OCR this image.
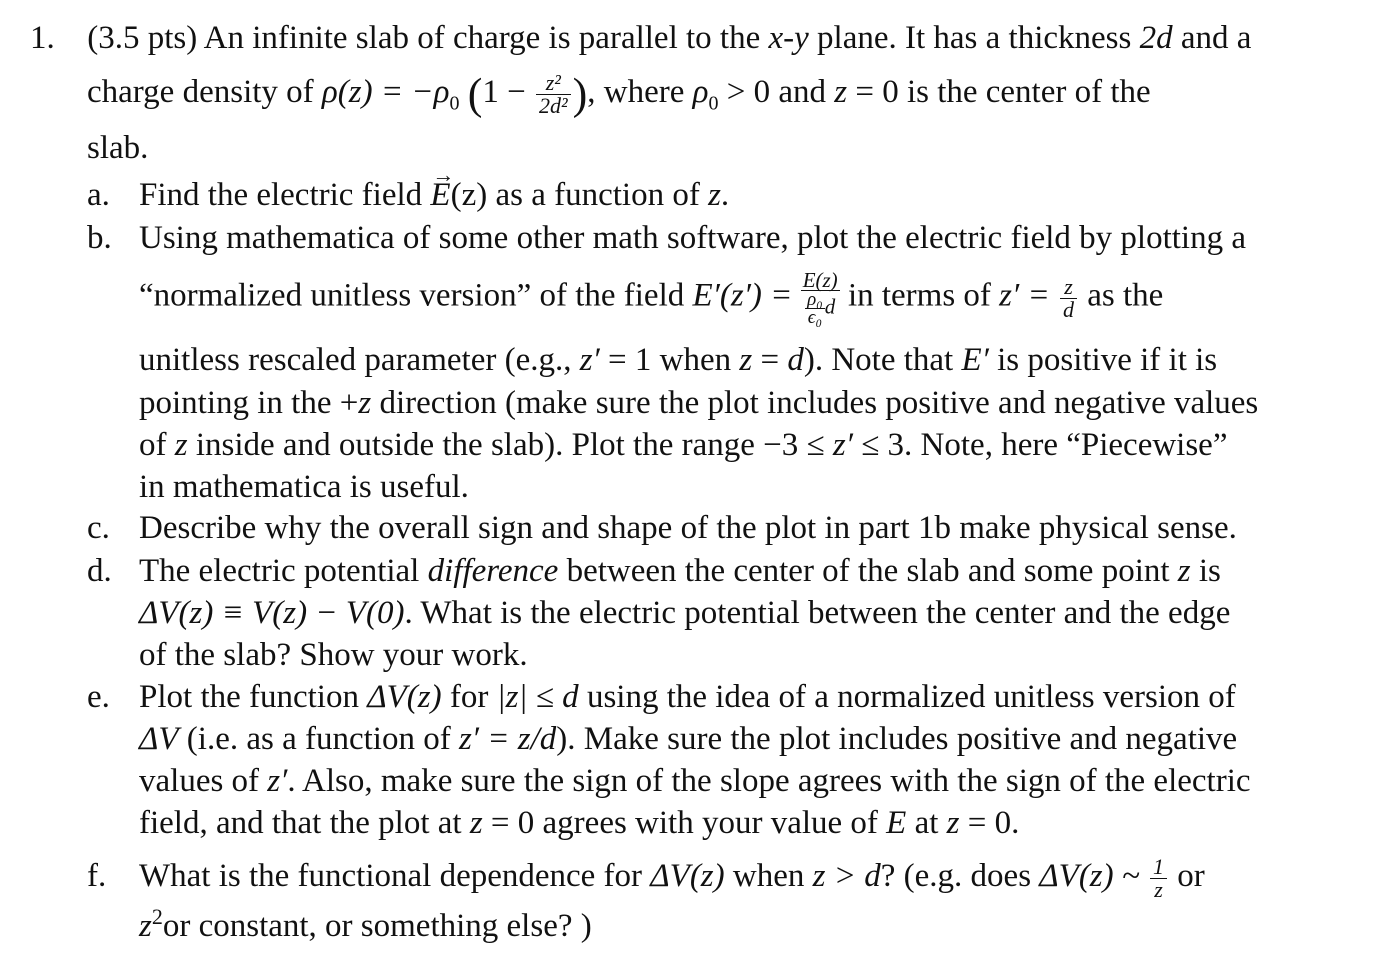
1. (3.5 pts) An infinite slab of charge is parallel to the x-y plane. It has a thickness 2d and a
charge density of $\rho(z) = -\rho_0$ ($1 - \frac{\text{z²}}{\text{2d²}}$ ), where $\rho_0 > 0$ and z = 0 is the center of the
slab.
a. Find the electric field → E(z) as a function of z.
b. Using mathematica of some other math software, plot the electric field by plotting a
“normalized unitless version” of the field $E'(z') = \frac{E(z)}{\frac{\text{ρ₀}}{\text{ϵ₀}} d}$ in terms of $z' = \frac{z}{d}$ as the
unitless rescaled parameter (e.g., z′ = 1 when z = d). Note that E′ is positive if it is
pointing in the +z direction (make sure the plot includes positive and negative values
of z inside and outside the slab). Plot the range −3 ≤ z′ ≤ 3. Note, here “Piecewise”
in mathematica is useful.
c. Describe why the overall sign and shape of the plot in part 1b make physical sense.
d. The electric potential difference between the center of the slab and some point z is
ΔV(z) ≡ V(z) − V(0). What is the electric potential between the center and the edge
of the slab? Show your work.
e. Plot the function ΔV(z) for |z| ≤ d using the idea of a normalized unitless version of
ΔV (i.e. as a function of z′ = z/d). Make sure the plot includes positive and negative
values of z′. Also, make sure the sign of the slope agrees with the sign of the electric
field, and that the plot at z = 0 agrees with your value of E at z = 0.
f. What is the functional dependence for ΔV(z) when z > d? (e.g. does ΔV(z) ~ $\frac{1}{z}$ or
$z^2or$ constant, or something else? )
